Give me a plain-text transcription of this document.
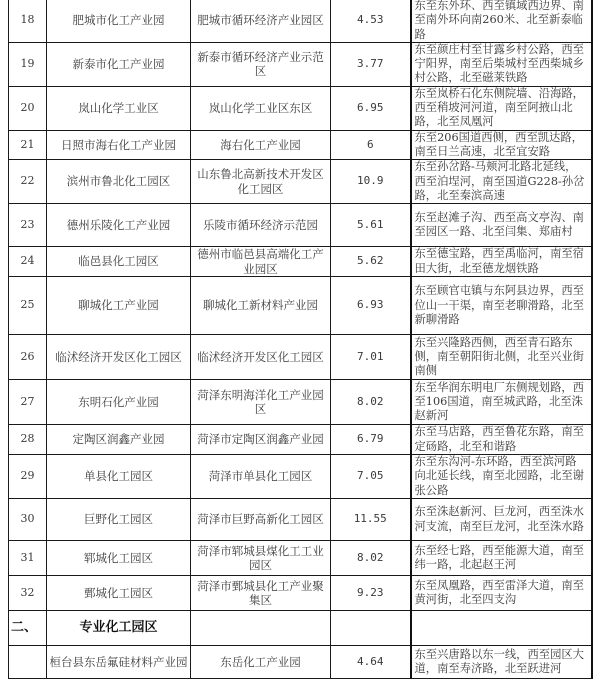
18	肥城市化工产业园	肥城市循环经济产业园区	4.53	东至东外环、西至镇域西边界、南至南外环向南260米、北至新泰临路
19	新泰市化工产业园	新泰市循环经济产业示范区	3.77	东至颜庄村至甘露乡村公路，西至宁阳界，南至后柴城村至西柴城乡村公路，北至磁莱铁路
20	岚山化学工业区	岚山化学工业区东区	6.95	东至岚桥石化东侧院墙、沿海路，西至稍坡河河道，南至阿掖山北路，北至凤凰河
21	日照市海右化工产业园	海右化工产业园	6	东至206国道西侧，西至凯达路，南至日兰高速，北至宜安路
22	滨州市鲁北化工园区	山东鲁北高新技术开发区化工园区	10.9	东至孙岔路-马颊河北路北延线，西至泊埕河，南至国道G228-孙岔路，北至秦滨高速
23	德州乐陵化工产业园	乐陵市循环经济示范园	5.61	东至赵滩子沟、西至高文亭沟、南至园区一路、北至闫集、郑庙村
24	临邑县化工园区	德州市临邑县高端化工产业园区	5.62	东至德宝路，西至禹临河，南至宿田大街，北至德龙烟铁路
25	聊城化工产业园	聊城化工新材料产业园	6.93	东至顾官屯镇与东阿县边界，西至位山一干渠，南至老聊滑路，北至新聊滑路
26	临沭经济开发区化工园区	临沭经济开发区化工园区	7.01	东至兴隆路西侧，西至青石路东侧，南至朝阳街北侧，北至兴业街南侧
27	东明石化产业园	菏泽东明海洋化工产业园区	8.02	东至华润东明电厂东侧规划路，西至106国道，南至城武路，北至洙赵新河
28	定陶区润鑫产业园	菏泽市定陶区润鑫产业园	6.79	东至马店路，西至鲁花东路，南至定砀路，北至和谐路
29	单县化工园区	菏泽市单县化工园区	7.05	东至东沟河-东环路，西至滨河路向北延长线，南至北园路，北至谢张公路
30	巨野化工园区	菏泽市巨野高新化工园区	11.55	东至洙赵新河、巨龙河，西至洙水河支流，南至巨龙河，北至洙水路
31	郓城化工园区	菏泽市郓城县煤化工工业园区	8.02	东至经七路，西至能源大道，南至纬一路，北起赵王河
32	鄄城化工园区	菏泽市鄄城县化工产业聚集区	9.23	东至凤凰路，西至雷泽大道，南至黄河街，北至四支沟
二、	专业化工园区			
	桓台县东岳氟硅材料产业园	东岳化工产业园	4.64	东至兴唐路以东一线，西至园区大道，南至寿济路，北至跃进河
